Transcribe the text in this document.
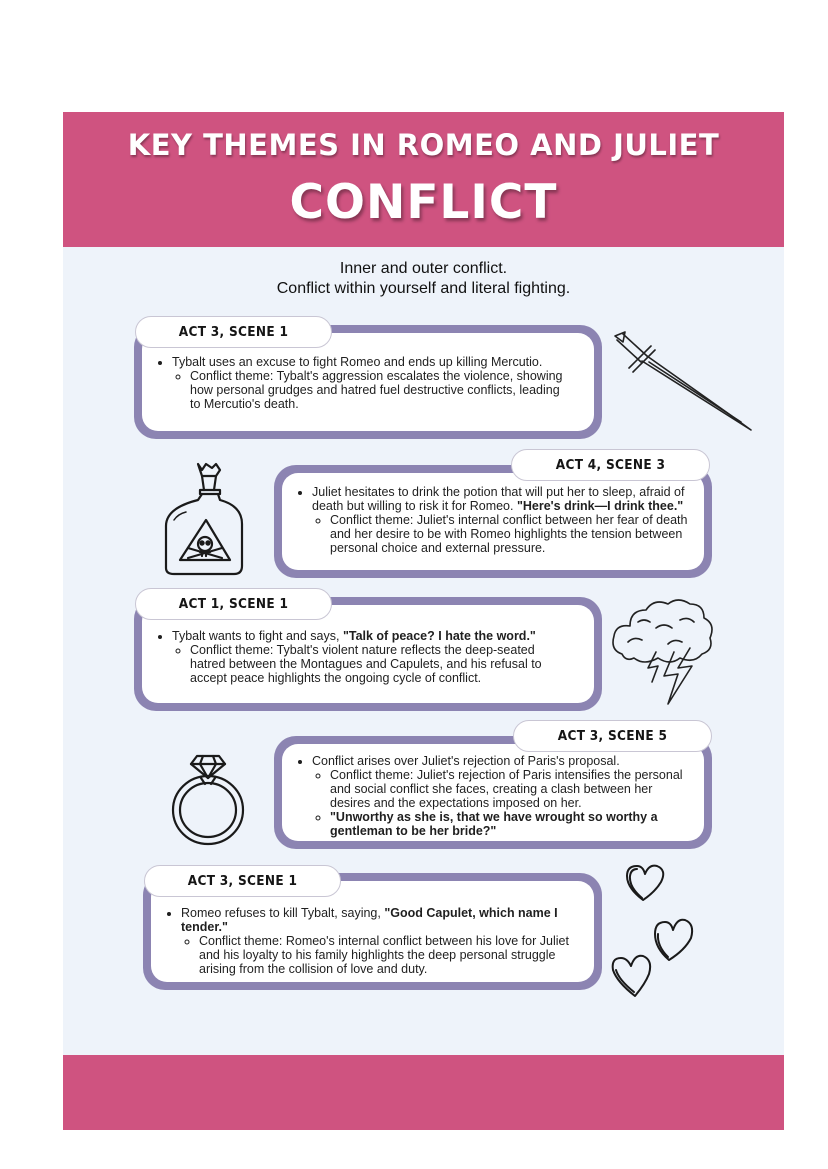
KEY THEMES IN ROMEO AND JULIET
CONFLICT
Inner and outer conflict.
Conflict within yourself and literal fighting.
• Tybalt uses an excuse to fight Romeo and ends up killing Mercutio.
◦ Conflict theme: Tybalt's aggression escalates the violence, showing how personal grudges and hatred fuel destructive conflicts, leading to Mercutio's death.
ACT 3, SCENE 1
• Juliet hesitates to drink the potion that will put her to sleep, afraid of death but willing to risk it for Romeo. "Here's drink—I drink thee."
◦ Conflict theme: Juliet's internal conflict between her fear of death and her desire to be with Romeo highlights the tension between personal choice and external pressure.
ACT 4, SCENE 3
• Tybalt wants to fight and says, "Talk of peace? I hate the word."
◦ Conflict theme: Tybalt's violent nature reflects the deep-seated hatred between the Montagues and Capulets, and his refusal to accept peace highlights the ongoing cycle of conflict.
ACT 1, SCENE 1
• Conflict arises over Juliet's rejection of Paris's proposal.
◦ Conflict theme: Juliet's rejection of Paris intensifies the personal and social conflict she faces, creating a clash between her desires and the expectations imposed on her.
◦ "Unworthy as she is, that we have wrought so worthy a gentleman to be her bride?"
ACT 3, SCENE 5
• Romeo refuses to kill Tybalt, saying, "Good Capulet, which name I tender."
◦ Conflict theme: Romeo's internal conflict between his love for Juliet and his loyalty to his family highlights the deep personal struggle arising from the collision of love and duty.
ACT 3, SCENE 1
